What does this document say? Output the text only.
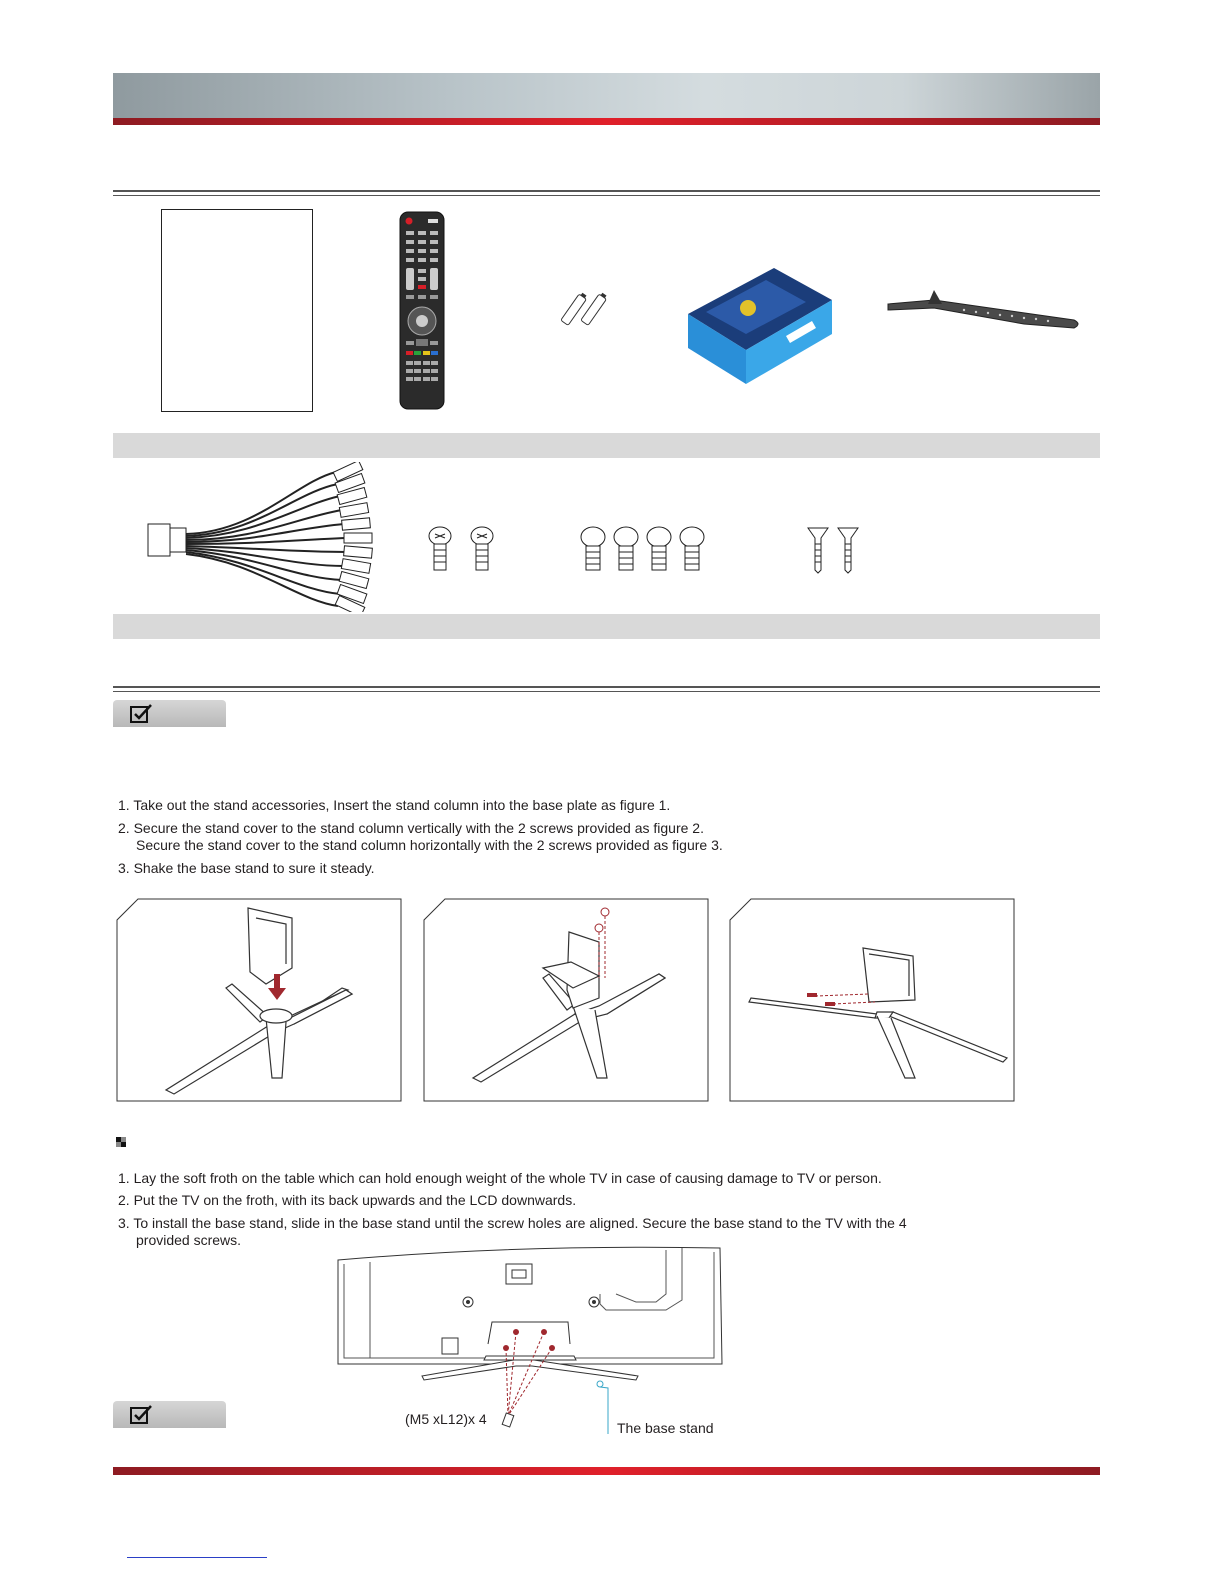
1. Take out the stand accessories, Insert the stand column into the base plate as figure 1.
2. Secure the stand cover to the stand column vertically with the 2 screws provided as figure 2.
Secure the stand cover to the stand column horizontally with the 2 screws provided as figure 3.
3. Shake the base stand to sure it steady.
1. Lay the soft froth on the table which can hold enough weight of the whole TV in case of causing damage to TV or person.
2. Put the TV on the froth, with its back upwards and the LCD downwards.
3. To install the base stand, slide in the base stand until the screw holes are aligned. Secure the base stand to the TV with the 4
provided screws.
(M5 xL12)x 4
The base stand
